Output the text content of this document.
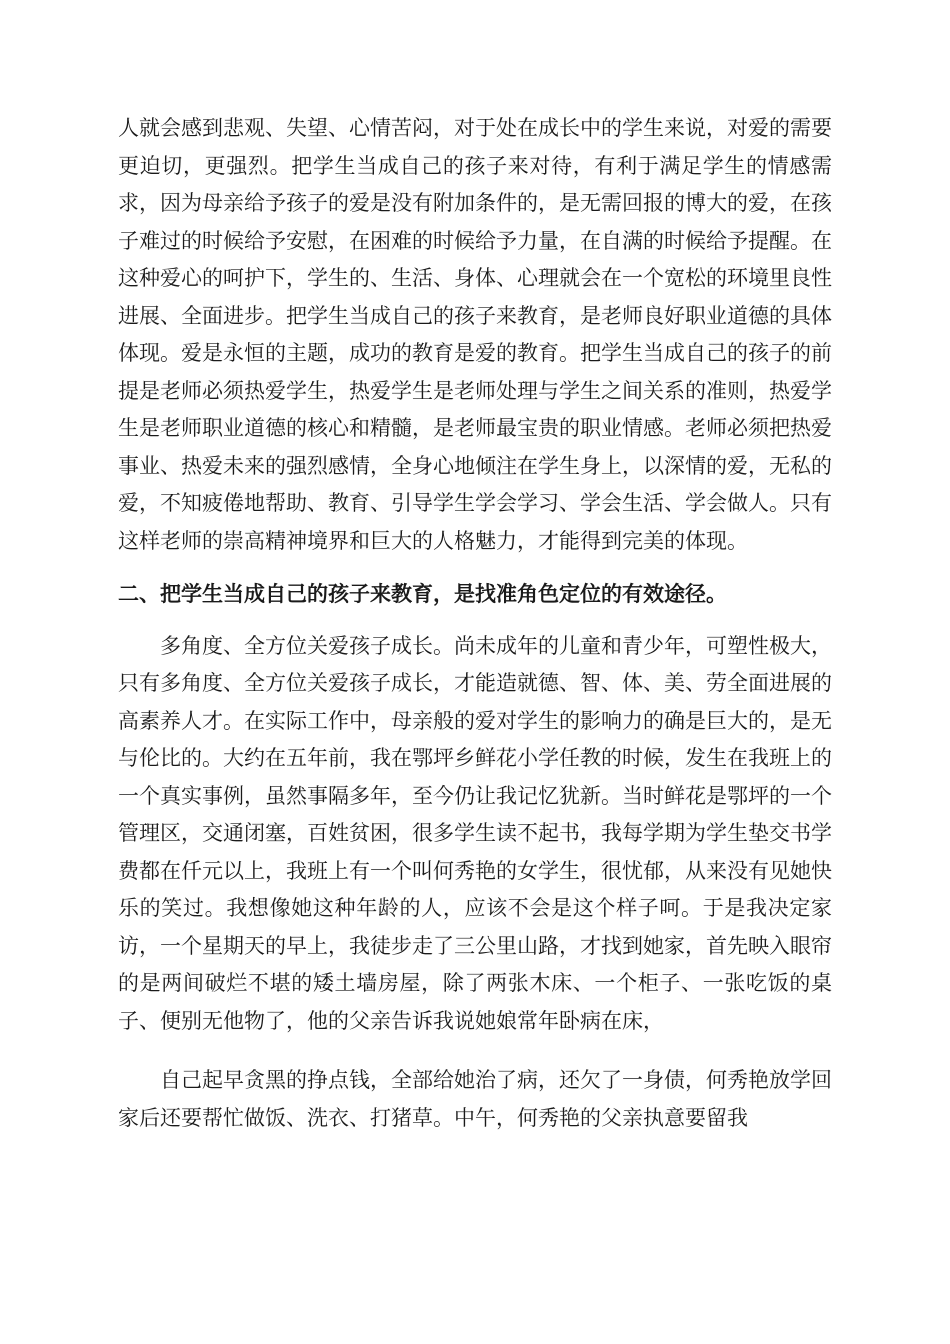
人就会感到悲观、失望、心情苦闷，对于处在成长中的学生来说，对爱的需要更迫切，更强烈。把学生当成自己的孩子来对待，有利于满足学生的情感需求，因为母亲给予孩子的爱是没有附加条件的，是无需回报的博大的爱，在孩子难过的时候给予安慰，在困难的时候给予力量，在自满的时候给予提醒。在这种爱心的呵护下，学生的、生活、身体、心理就会在一个宽松的环境里良性进展、全面进步。把学生当成自己的孩子来教育，是老师良好职业道德的具体体现。爱是永恒的主题，成功的教育是爱的教育。把学生当成自己的孩子的前提是老师必须热爱学生，热爱学生是老师处理与学生之间关系的准则，热爱学生是老师职业道德的核心和精髓，是老师最宝贵的职业情感。老师必须把热爱事业、热爱未来的强烈感情，全身心地倾注在学生身上，以深情的爱，无私的爱，不知疲倦地帮助、教育、引导学生学会学习、学会生活、学会做人。只有这样老师的崇高精神境界和巨大的人格魅力，才能得到完美的体现。

二、把学生当成自己的孩子来教育，是找准角色定位的有效途径。

多角度、全方位关爱孩子成长。尚未成年的儿童和青少年，可塑性极大，只有多角度、全方位关爱孩子成长，才能造就德、智、体、美、劳全面进展的高素养人才。在实际工作中，母亲般的爱对学生的影响力的确是巨大的，是无与伦比的。大约在五年前，我在鄂坪乡鲜花小学任教的时候，发生在我班上的一个真实事例，虽然事隔多年，至今仍让我记忆犹新。当时鲜花是鄂坪的一个管理区，交通闭塞，百姓贫困，很多学生读不起书，我每学期为学生垫交书学费都在仟元以上，我班上有一个叫何秀艳的女学生，很忧郁，从来没有见她快乐的笑过。我想像她这种年龄的人，应该不会是这个样子呵。于是我决定家访，一个星期天的早上，我徒步走了三公里山路，才找到她家，首先映入眼帘的是两间破烂不堪的矮土墙房屋，除了两张木床、一个柜子、一张吃饭的桌子、便别无他物了，他的父亲告诉我说她娘常年卧病在床，

自己起早贪黑的挣点钱，全部给她治了病，还欠了一身债，何秀艳放学回家后还要帮忙做饭、洗衣、打猪草。中午，何秀艳的父亲执意要留我
